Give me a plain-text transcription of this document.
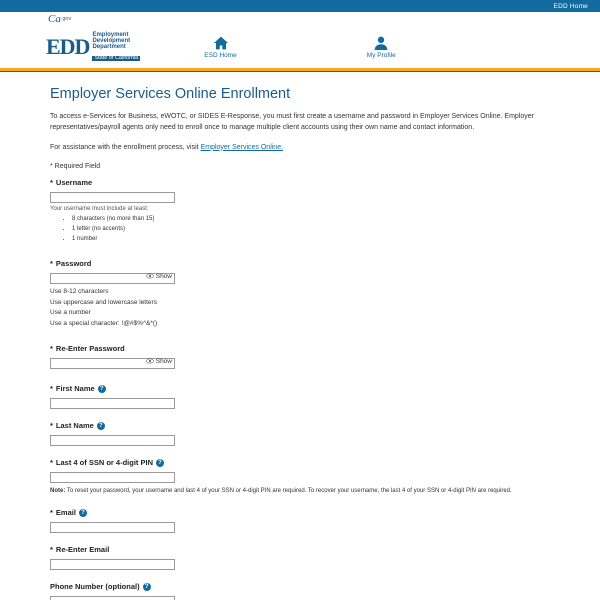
EDD Home
Ca.gov
EDD Employment
Development
Department
State of California	ESD Home	My Profile
Employer Services Online Enrollment

To access e-Services for Business, eWOTC, or SIDES E-Response, you must first create a username and password in Employer Services Online. Employer representatives/payroll agents only need to enroll once to manage multiple client accounts using their own name and contact information.

For assistance with the enrollment process, visit Employer Services Online.

* Required Field
* Username
Your username must include at least:
• 8 characters (no more than 15)
• 1 letter (no accents)
• 1 number
* Password
Show
Use 8-12 characters
Use uppercase and lowercase letters
Use a number
Use a special character: !@#$%^&*()
* Re-Enter Password
Show
* First Name ?
* Last Name ?
* Last 4 of SSN or 4-digit PIN ?
Note: To reset your password, your username and last 4 of your SSN or 4-digit PIN are required. To recover your username, the last 4 of your SSN or 4-digit PIN are required.
* Email ?
* Re-Enter Email
Phone Number (optional) ?
